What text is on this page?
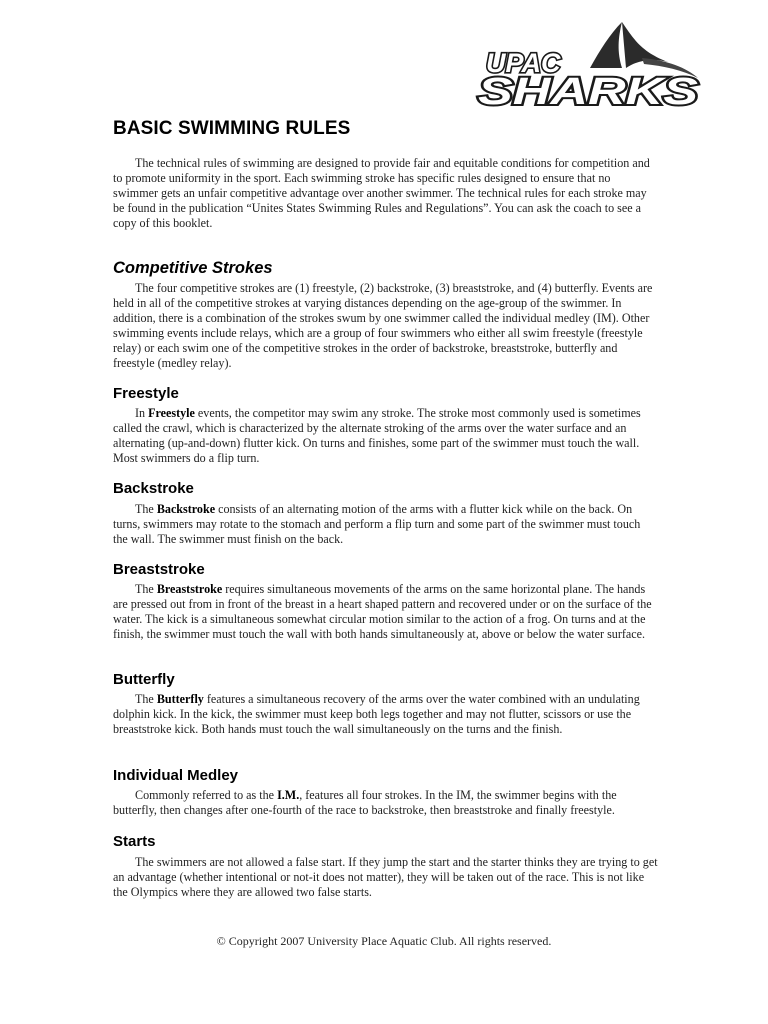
UPAC
SHARKS
BASIC SWIMMING RULES

The technical rules of swimming are designed to provide fair and equitable conditions for competition and to promote uniformity in the sport. Each swimming stroke has specific rules designed to ensure that no swimmer gets an unfair competitive advantage over another swimmer. The technical rules for each stroke may be found in the publication “Unites States Swimming Rules and Regulations”. You can ask the coach to see a copy of this booklet.

Competitive Strokes

The four competitive strokes are (1) freestyle, (2) backstroke, (3) breaststroke, and (4) butterfly. Events are held in all of the competitive strokes at varying distances depending on the age-group of the swimmer. In addition, there is a combination of the strokes swum by one swimmer called the individual medley (IM). Other swimming events include relays, which are a group of four swimmers who either all swim freestyle (freestyle relay) or each swim one of the competitive strokes in the order of backstroke, breaststroke, butterfly and freestyle (medley relay).

Freestyle

In Freestyle events, the competitor may swim any stroke. The stroke most commonly used is sometimes called the crawl, which is characterized by the alternate stroking of the arms over the water surface and an alternating (up-and-down) flutter kick. On turns and finishes, some part of the swimmer must touch the wall. Most swimmers do a flip turn.

Backstroke

The Backstroke consists of an alternating motion of the arms with a flutter kick while on the back. On turns, swimmers may rotate to the stomach and perform a flip turn and some part of the swimmer must touch the wall. The swimmer must finish on the back.

Breaststroke

The Breaststroke requires simultaneous movements of the arms on the same horizontal plane. The hands are pressed out from in front of the breast in a heart shaped pattern and recovered under or on the surface of the water. The kick is a simultaneous somewhat circular motion similar to the action of a frog. On turns and at the finish, the swimmer must touch the wall with both hands simultaneously at, above or below the water surface.

Butterfly

The Butterfly features a simultaneous recovery of the arms over the water combined with an undulating dolphin kick. In the kick, the swimmer must keep both legs together and may not flutter, scissors or use the breaststroke kick. Both hands must touch the wall simultaneously on the turns and the finish.

Individual Medley

Commonly referred to as the I.M., features all four strokes. In the IM, the swimmer begins with the butterfly, then changes after one-fourth of the race to backstroke, then breaststroke and finally freestyle.

Starts

The swimmers are not allowed a false start. If they jump the start and the starter thinks they are trying to get an advantage (whether intentional or not-it does not matter), they will be taken out of the race. This is not like the Olympics where they are allowed two false starts.

© Copyright 2007 University Place Aquatic Club. All rights reserved.
